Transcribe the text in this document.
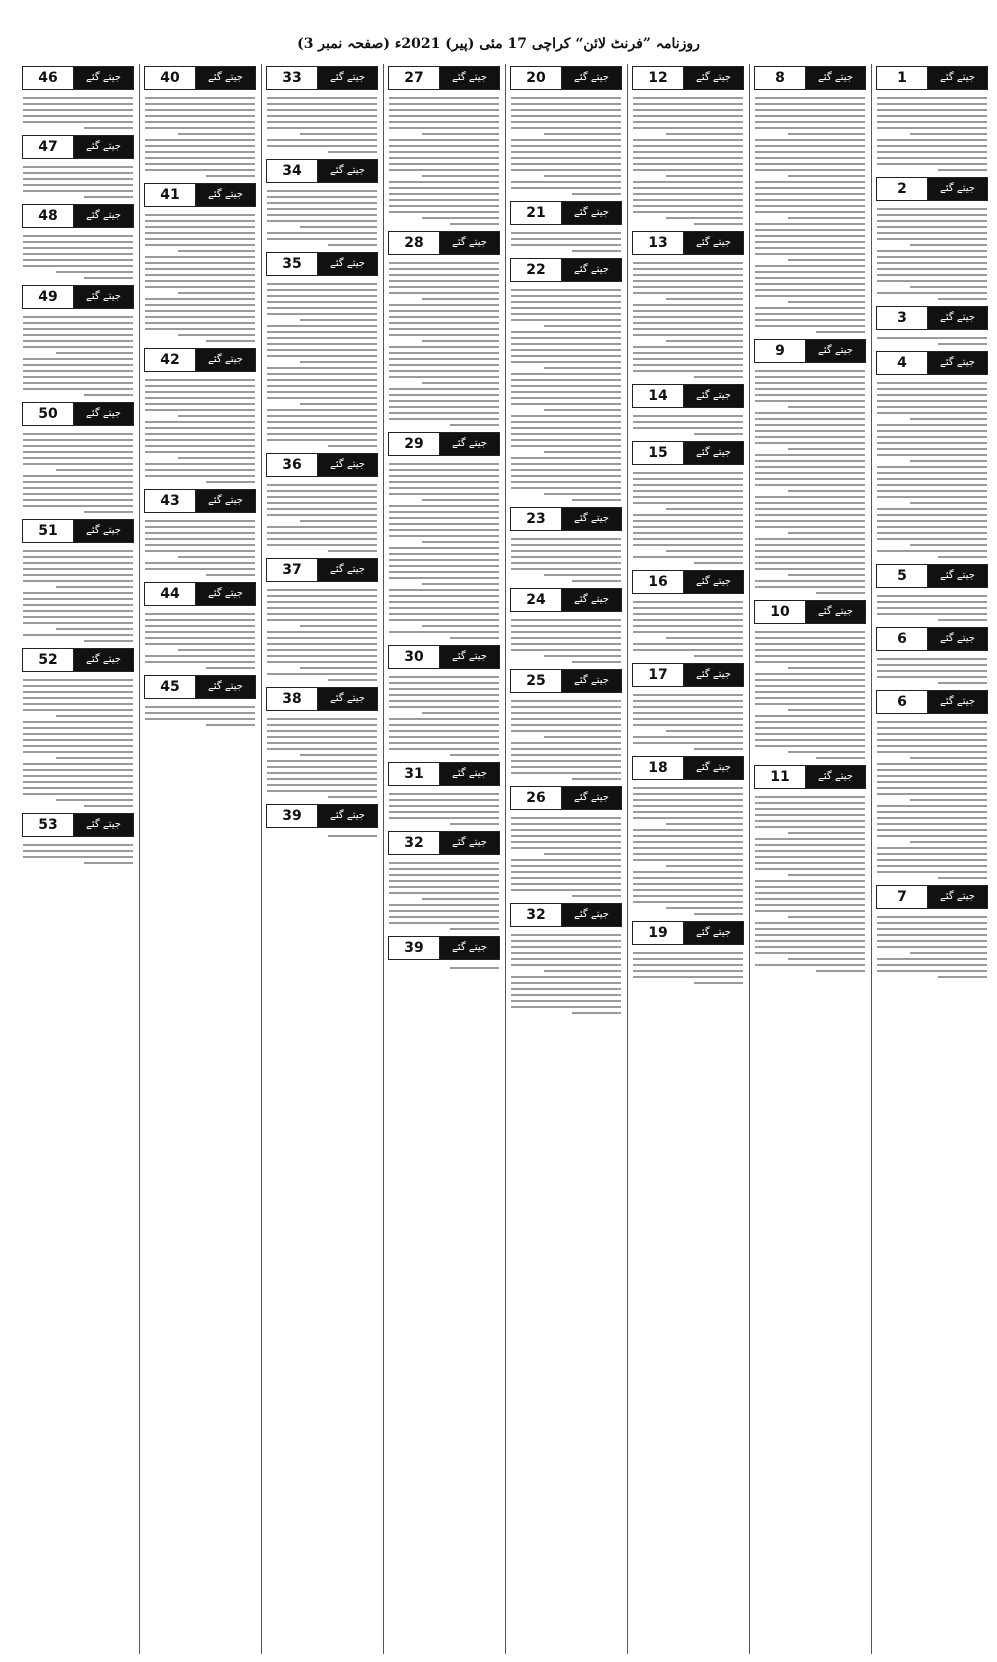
روزنامہ ”فرنٹ لائن“ کراچی 17 مئی (پیر) 2021ء (صفحہ نمبر 3)
1	جیتے گئے
2	جیتے گئے
3	جیتے گئے
4	جیتے گئے
5	جیتے گئے
6	جیتے گئے
6	جیتے گئے
7	جیتے گئے
8	جیتے گئے
9	جیتے گئے
10	جیتے گئے
11	جیتے گئے
12	جیتے گئے
13	جیتے گئے
14	جیتے گئے
15	جیتے گئے
16	جیتے گئے
17	جیتے گئے
18	جیتے گئے
19	جیتے گئے
20	جیتے گئے
21	جیتے گئے
22	جیتے گئے
23	جیتے گئے
24	جیتے گئے
25	جیتے گئے
26	جیتے گئے
32	جیتے گئے
27	جیتے گئے
28	جیتے گئے
29	جیتے گئے
30	جیتے گئے
31	جیتے گئے
32	جیتے گئے
39	جیتے گئے
33	جیتے گئے
34	جیتے گئے
35	جیتے گئے
36	جیتے گئے
37	جیتے گئے
38	جیتے گئے
39	جیتے گئے
40	جیتے گئے
41	جیتے گئے
42	جیتے گئے
43	جیتے گئے
44	جیتے گئے
45	جیتے گئے
46	جیتے گئے
47	جیتے گئے
48	جیتے گئے
49	جیتے گئے
50	جیتے گئے
51	جیتے گئے
52	جیتے گئے
53	جیتے گئے
